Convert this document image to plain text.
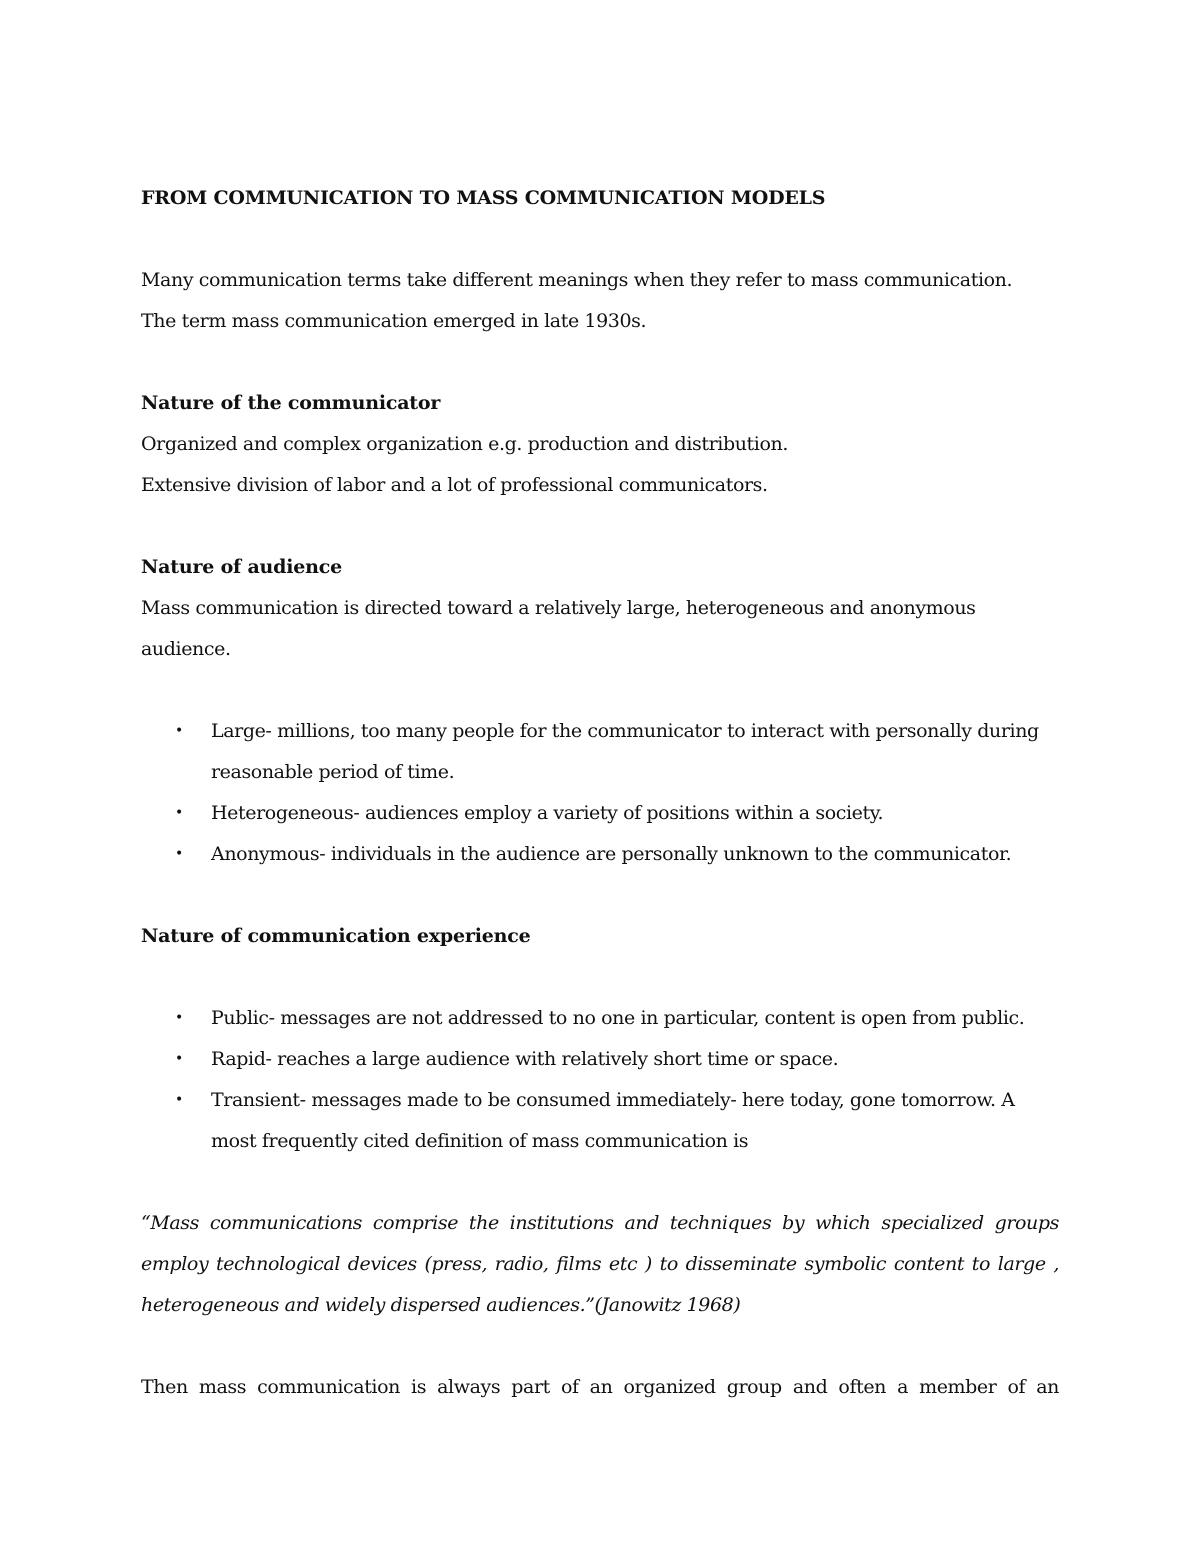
FROM COMMUNICATION TO MASS COMMUNICATION MODELS

Many communication terms take different meanings when they refer to mass communication.

The term mass communication emerged in late 1930s.

Nature of the communicator

Organized and complex organization e.g. production and distribution.

Extensive division of labor and a lot of professional communicators.

Nature of audience

Mass communication is directed toward a relatively large, heterogeneous and anonymous

audience.

• Large- millions, too many people for the communicator to interact with personally during
reasonable period of time.
• Heterogeneous- audiences employ a variety of positions within a society.
• Anonymous- individuals in the audience are personally unknown to the communicator.
Nature of communication experience
• Public- messages are not addressed to no one in particular, content is open from public.
• Rapid- reaches a large audience with relatively short time or space.
• Transient- messages made to be consumed immediately- here today, gone tomorrow. A
most frequently cited definition of mass communication is
“Mass communications comprise the institutions and techniques by which specialized groups
employ technological devices (press, radio, films etc ) to disseminate symbolic content to large ,
heterogeneous and widely dispersed audiences.”(Janowitz 1968)

Then mass communication is always part of an organized group and often a member of an
